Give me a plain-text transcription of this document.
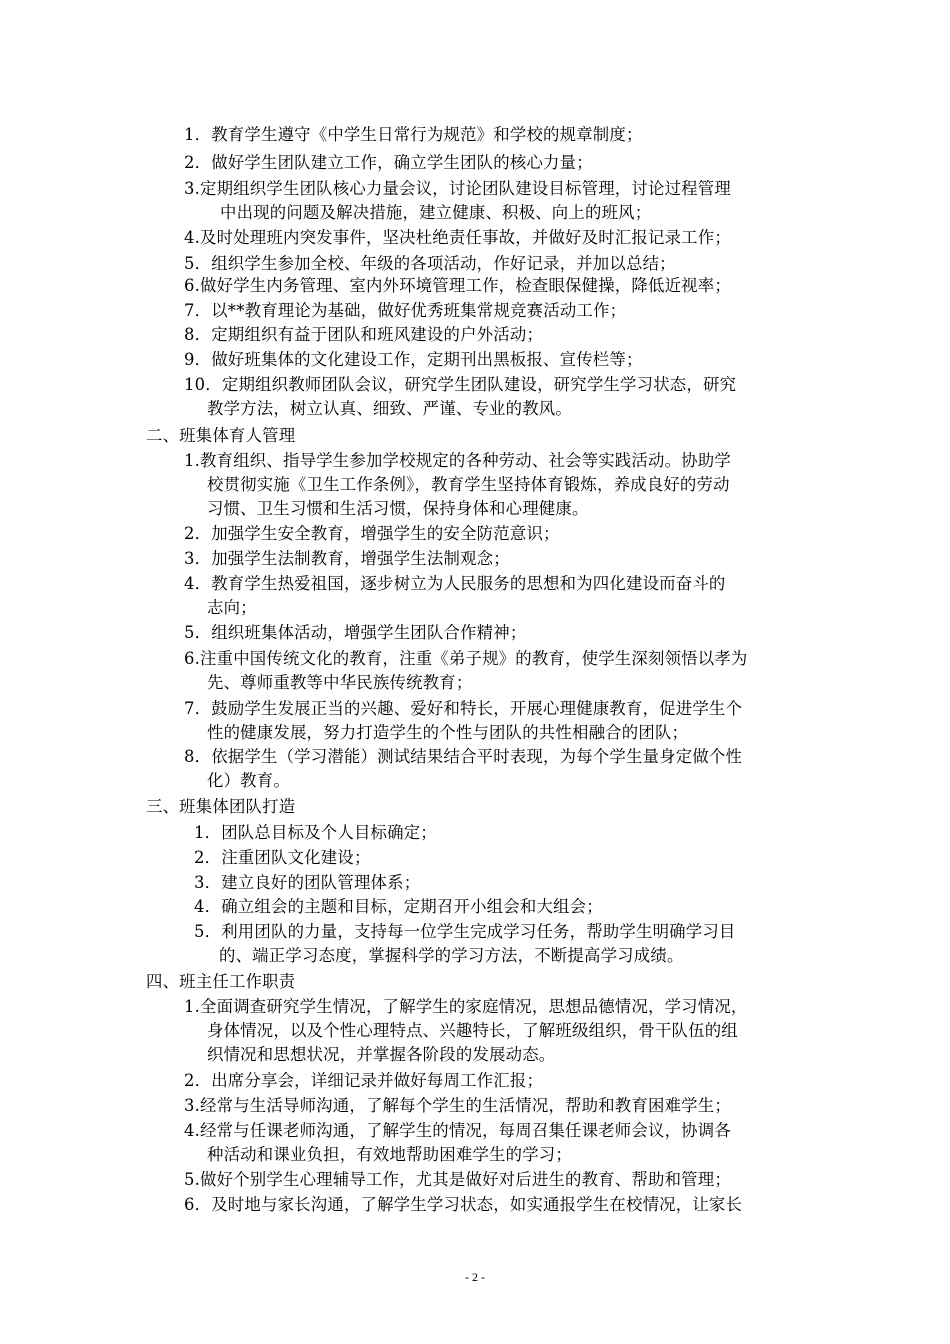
1．教育学生遵守《中学生日常行为规范》和学校的规章制度；
2．做好学生团队建立工作，确立学生团队的核心力量；
3.定期组织学生团队核心力量会议，讨论团队建设目标管理，讨论过程管理
中出现的问题及解决措施，建立健康、积极、向上的班风；
4.及时处理班内突发事件，坚决杜绝责任事故，并做好及时汇报记录工作；
5．组织学生参加全校、年级的各项活动，作好记录，并加以总结；
6.做好学生内务管理、室内外环境管理工作，检查眼保健操，降低近视率；
7．以**教育理论为基础，做好优秀班集常规竞赛活动工作；
8．定期组织有益于团队和班风建设的户外活动；
9．做好班集体的文化建设工作，定期刊出黑板报、宣传栏等；
10．定期组织教师团队会议，研究学生团队建设，研究学生学习状态，研究
教学方法，树立认真、细致、严谨、专业的教风。
二、班集体育人管理
1.教育组织、指导学生参加学校规定的各种劳动、社会等实践活动。协助学
校贯彻实施《卫生工作条例》，教育学生坚持体育锻炼，养成良好的劳动
习惯、卫生习惯和生活习惯，保持身体和心理健康。
2．加强学生安全教育，增强学生的安全防范意识；
3．加强学生法制教育，增强学生法制观念；
4．教育学生热爱祖国，逐步树立为人民服务的思想和为四化建设而奋斗的
志向；
5．组织班集体活动，增强学生团队合作精神；
6.注重中国传统文化的教育，注重《弟子规》的教育，使学生深刻领悟以孝为
先、尊师重教等中华民族传统教育；
7．鼓励学生发展正当的兴趣、爱好和特长，开展心理健康教育，促进学生个
性的健康发展，努力打造学生的个性与团队的共性相融合的团队；
8．依据学生（学习潜能）测试结果结合平时表现，为每个学生量身定做个性
化）教育。
三、班集体团队打造
1．团队总目标及个人目标确定；
2．注重团队文化建设；
3．建立良好的团队管理体系；
4．确立组会的主题和目标，定期召开小组会和大组会；
5．利用团队的力量，支持每一位学生完成学习任务，帮助学生明确学习目
的、端正学习态度，掌握科学的学习方法，不断提高学习成绩。
四、班主任工作职责
1.全面调查研究学生情况，了解学生的家庭情况，思想品德情况，学习情况，
身体情况，以及个性心理特点、兴趣特长，了解班级组织，骨干队伍的组
织情况和思想状况，并掌握各阶段的发展动态。
2．出席分享会，详细记录并做好每周工作汇报；
3.经常与生活导师沟通，了解每个学生的生活情况，帮助和教育困难学生；
4.经常与任课老师沟通，了解学生的情况，每周召集任课老师会议，协调各
种活动和课业负担，有效地帮助困难学生的学习；
5.做好个别学生心理辅导工作，尤其是做好对后进生的教育、帮助和管理；
6．及时地与家长沟通，了解学生学习状态，如实通报学生在校情况，让家长
- 2 -
